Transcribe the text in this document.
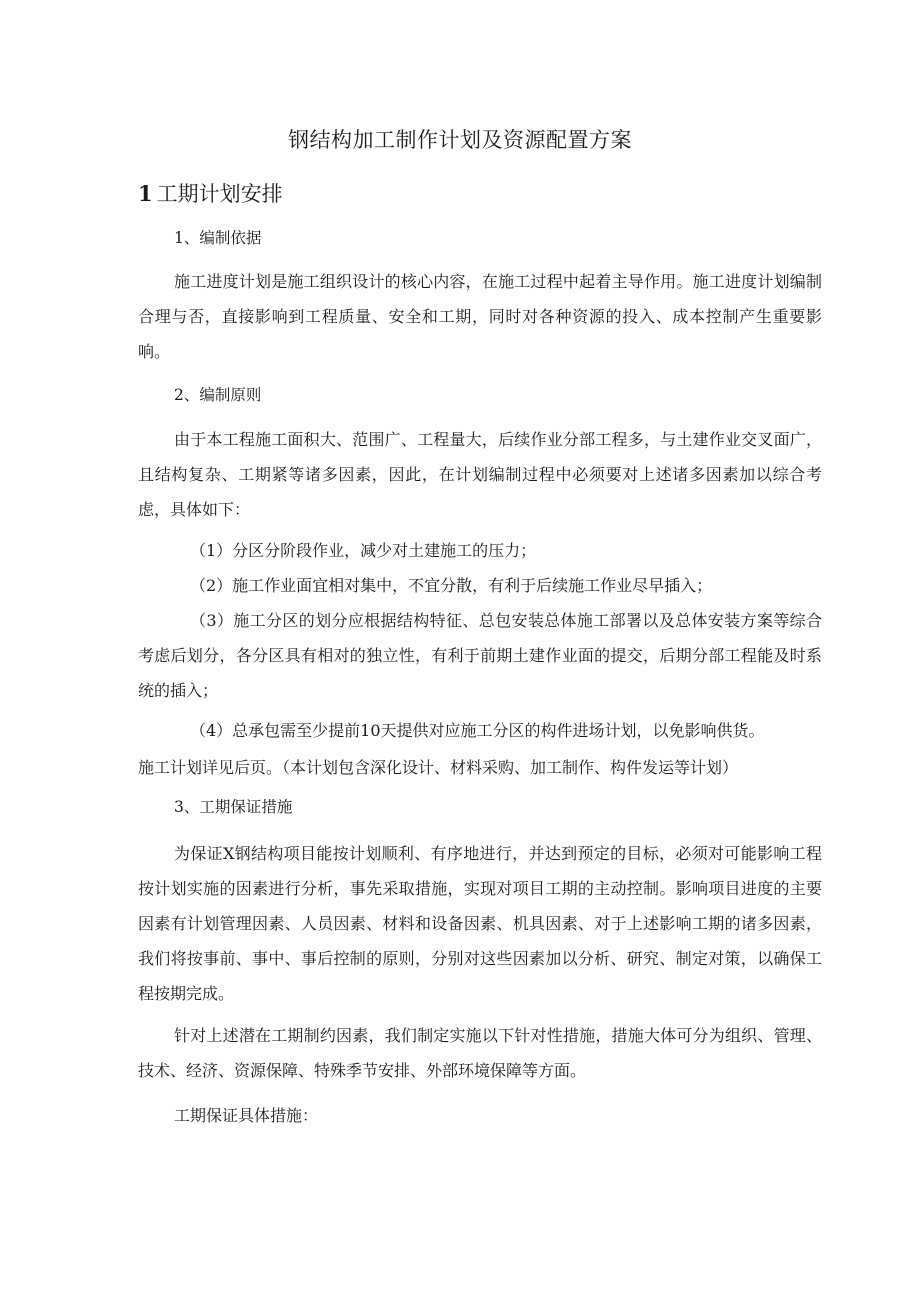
钢结构加工制作计划及资源配置方案
1 工期计划安排

1、编制依据

施工进度计划是施工组织设计的核心内容，在施工过程中起着主导作用。施工进度计划编制合理与否，直接影响到工程质量、安全和工期，同时对各种资源的投入、成本控制产生重要影响。

2、编制原则

由于本工程施工面积大、范围广、工程量大，后续作业分部工程多，与土建作业交叉面广，且结构复杂、工期紧等诸多因素，因此，在计划编制过程中必须要对上述诸多因素加以综合考虑，具体如下：

（1）分区分阶段作业，减少对土建施工的压力；

（2）施工作业面宜相对集中，不宜分散，有利于后续施工作业尽早插入；

（3）施工分区的划分应根据结构特征、总包安装总体施工部署以及总体安装方案等综合考虑后划分，各分区具有相对的独立性，有利于前期土建作业面的提交，后期分部工程能及时系统的插入；

（4）总承包需至少提前10天提供对应施工分区的构件进场计划，以免影响供货。

施工计划详见后页。（本计划包含深化设计、材料采购、加工制作、构件发运等计划）

3、工期保证措施

为保证X钢结构项目能按计划顺利、有序地进行，并达到预定的目标，必须对可能影响工程按计划实施的因素进行分析，事先采取措施，实现对项目工期的主动控制。影响项目进度的主要因素有计划管理因素、人员因素、材料和设备因素、机具因素、对于上述影响工期的诸多因素，我们将按事前、事中、事后控制的原则，分别对这些因素加以分析、研究、制定对策，以确保工程按期完成。

针对上述潜在工期制约因素，我们制定实施以下针对性措施，措施大体可分为组织、管理、技术、经济、资源保障、特殊季节安排、外部环境保障等方面。

工期保证具体措施：
